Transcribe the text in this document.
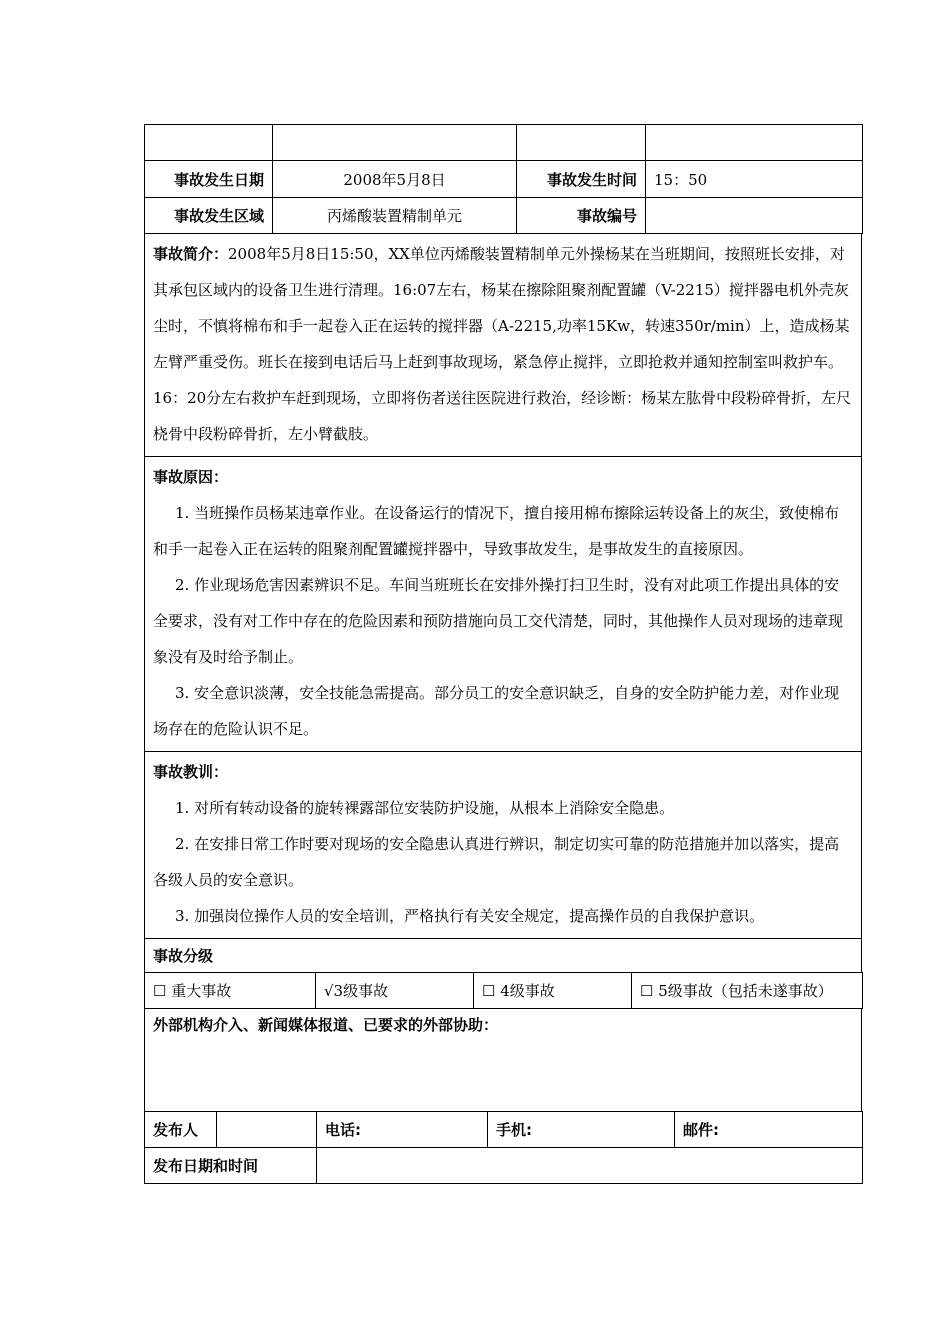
事故发生日期	2008年5月8日	事故发生时间	15：50
事故发生区域	丙烯酸装置精制单元	事故编号	

事故简介：2008年5月8日15:50，XX单位丙烯酸装置精制单元外操杨某在当班期间，按照班长安排，对其承包区域内的设备卫生进行清理。16:07左右，杨某在擦除阻聚剂配置罐（V-2215）搅拌器电机外壳灰尘时，不慎将棉布和手一起卷入正在运转的搅拌器（A-2215,功率15Kw，转速350r/min）上，造成杨某左臂严重受伤。班长在接到电话后马上赶到事故现场，紧急停止搅拌，立即抢救并通知控制室叫救护车。16：20分左右救护车赶到现场，立即将伤者送往医院进行救治，经诊断：杨某左肱骨中段粉碎骨折，左尺桡骨中段粉碎骨折，左小臂截肢。

事故原因：

1. 当班操作员杨某违章作业。在设备运行的情况下，擅自接用棉布擦除运转设备上的灰尘，致使棉布和手一起卷入正在运转的阻聚剂配置罐搅拌器中，导致事故发生，是事故发生的直接原因。

2. 作业现场危害因素辨识不足。车间当班班长在安排外操打扫卫生时，没有对此项工作提出具体的安全要求，没有对工作中存在的危险因素和预防措施向员工交代清楚，同时，其他操作人员对现场的违章现象没有及时给予制止。

3. 安全意识淡薄，安全技能急需提高。部分员工的安全意识缺乏，自身的安全防护能力差，对作业现场存在的危险认识不足。

事故教训：

1. 对所有转动设备的旋转裸露部位安装防护设施，从根本上消除安全隐患。

2. 在安排日常工作时要对现场的安全隐患认真进行辨识，制定切实可靠的防范措施并加以落实，提高各级人员的安全意识。

3. 加强岗位操作人员的安全培训，严格执行有关安全规定，提高操作员的自我保护意识。

事故分级
☐ 重大事故	√3级事故	☐ 4级事故	☐ 5级事故（包括未遂事故）

外部机构介入、新闻媒体报道、已要求的外部协助：

发布人		电话:	手机:	邮件:
发布日期和时间	
